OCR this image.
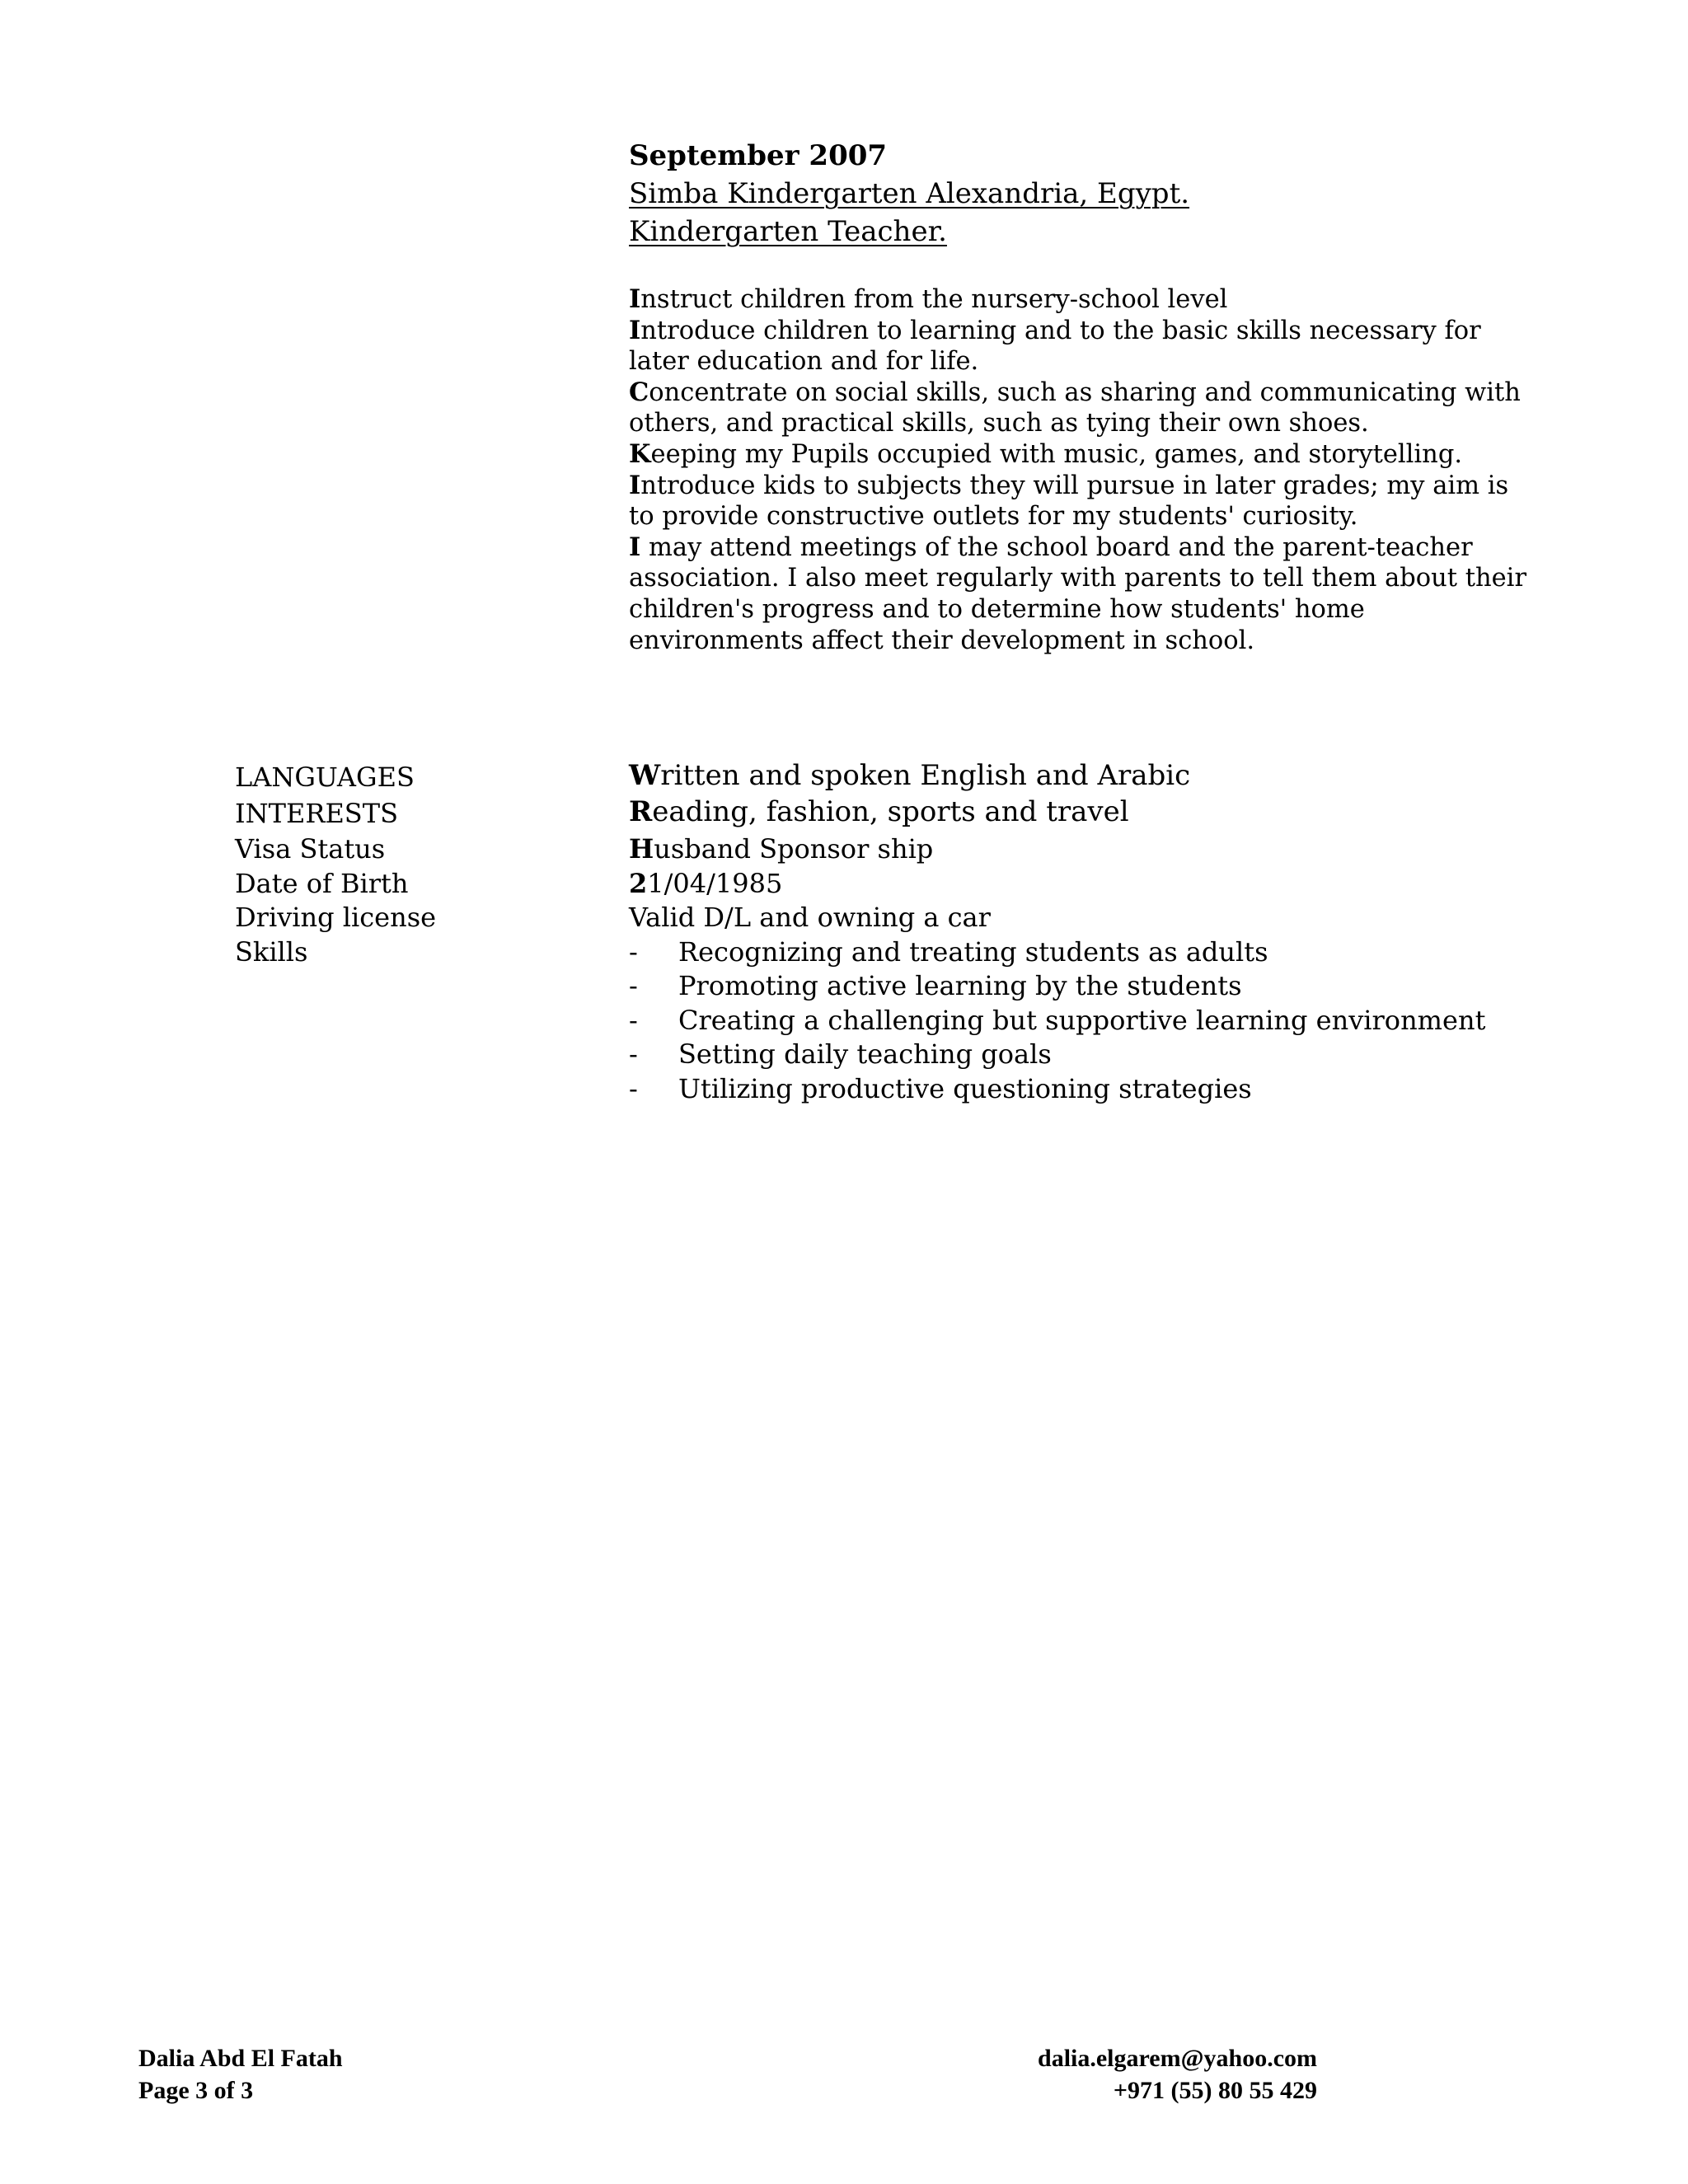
September 2007
Simba Kindergarten Alexandria, Egypt.
Kindergarten Teacher.
Instruct children from the nursery-school level
Introduce children to learning and to the basic skills necessary for later education and for life.
Concentrate on social skills, such as sharing and communicating with others, and practical skills, such as tying their own shoes.
Keeping my Pupils occupied with music, games, and storytelling.
Introduce kids to subjects they will pursue in later grades; my aim is to provide constructive outlets for my students' curiosity.
I may attend meetings of the school board and the parent-teacher association. I also meet regularly with parents to tell them about their children's progress and to determine how students' home environments affect their development in school.
LANGUAGES	Written and spoken English and Arabic
INTERESTS	Reading, fashion, sports and travel
Visa Status	Husband Sponsor ship
Date of Birth	21/04/1985
Driving license	Valid D/L and owning a car
Skills	- Recognizing and treating students as adults
- Promoting active learning by the students
- Creating a challenging but supportive learning environment
- Setting daily teaching goals
- Utilizing productive questioning strategies
Dalia Abd El Fatah
Page 3 of 3
dalia.elgarem@yahoo.com
+971 (55) 80 55 429
